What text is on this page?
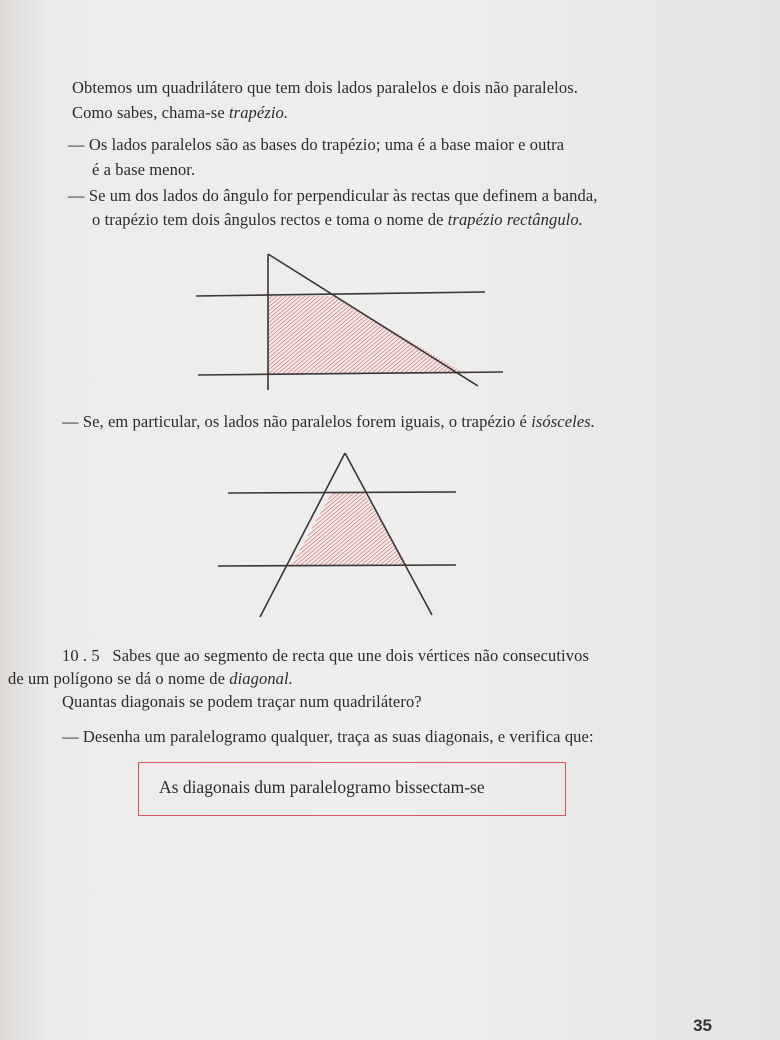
Obtemos um quadrilátero que tem dois lados paralelos e dois não paralelos.
Como sabes, chama-se trapézio.
— Os lados paralelos são as bases do trapézio; uma é a base maior e outra
é a base menor.
— Se um dos lados do ângulo for perpendicular às rectas que definem a banda,
o trapézio tem dois ângulos rectos e toma o nome de trapézio rectângulo.
— Se, em particular, os lados não paralelos forem iguais, o trapézio é isósceles.
10 . 5 Sabes que ao segmento de recta que une dois vértices não consecutivos
de um polígono se dá o nome de diagonal.
Quantas diagonais se podem traçar num quadrilátero?
— Desenha um paralelogramo qualquer, traça as suas diagonais, e verifica que:
As diagonais dum paralelogramo bissectam-se
35
